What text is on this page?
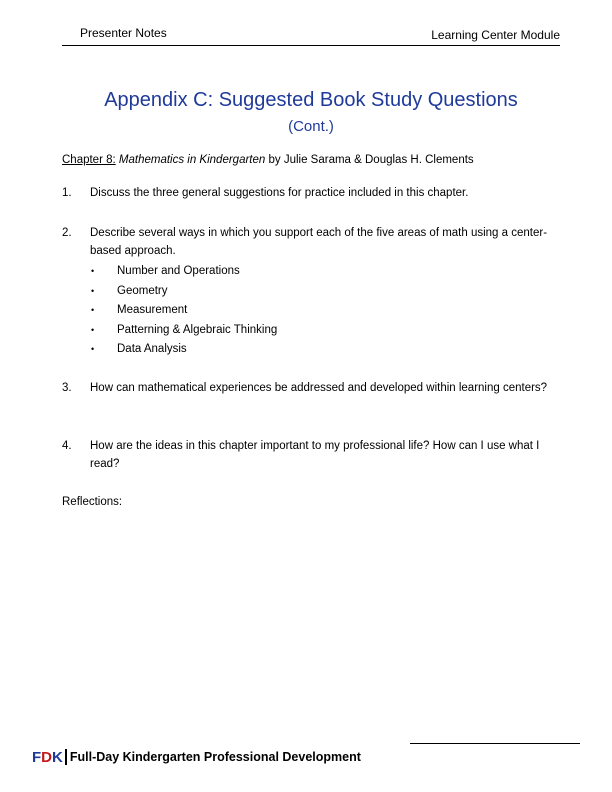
Presenter Notes	Learning Center Module
Appendix C: Suggested Book Study Questions
(Cont.)
Chapter 8: Mathematics in Kindergarten by Julie Sarama & Douglas H. Clements
1. Discuss the three general suggestions for practice included in this chapter.
2. Describe several ways in which you support each of the five areas of math using a center-based approach.
• Number and Operations
• Geometry
• Measurement
• Patterning & Algebraic Thinking
• Data Analysis
3. How can mathematical experiences be addressed and developed within learning centers?
4. How are the ideas in this chapter important to my professional life? How can I use what I read?
Reflections:
FDK Full-Day Kindergarten Professional Development
